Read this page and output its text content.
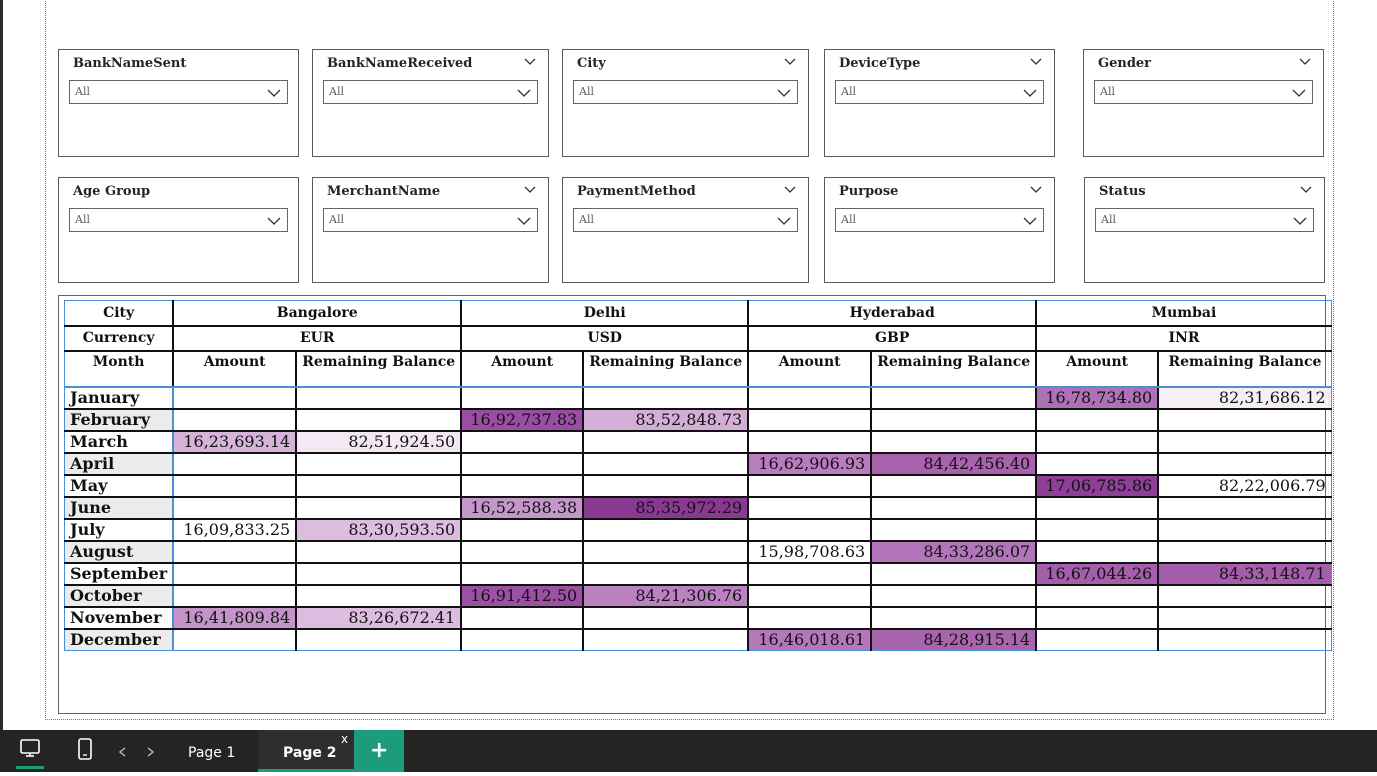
BankNameSent
All
BankNameReceived
All
City
All
DeviceType
All
Gender
All
Age Group
All
MerchantName
All
PaymentMethod
All
Purpose
All
Status
All
City	Bangalore		Delhi		Hyderabad		Mumbai	
Currency	EUR		USD		GBP		INR	
Month	Amount	Remaining Balance	Amount	Remaining Balance	Amount	Remaining Balance	Amount	Remaining Balance
January							16,78,734.80	82,31,686.12
February			16,92,737.83	83,52,848.73				
March	16,23,693.14	82,51,924.50						
April					16,62,906.93	84,42,456.40		
May							17,06,785.86	82,22,006.79
June			16,52,588.38	85,35,972.29				
July	16,09,833.25	83,30,593.50						
August					15,98,708.63	84,33,286.07		
September							16,67,044.26	84,33,148.71
October			16,91,412.50	84,21,306.76				
November	16,41,809.84	83,26,672.41						
December					16,46,018.61	84,28,915.14		
Page 1	Page 2
x +
